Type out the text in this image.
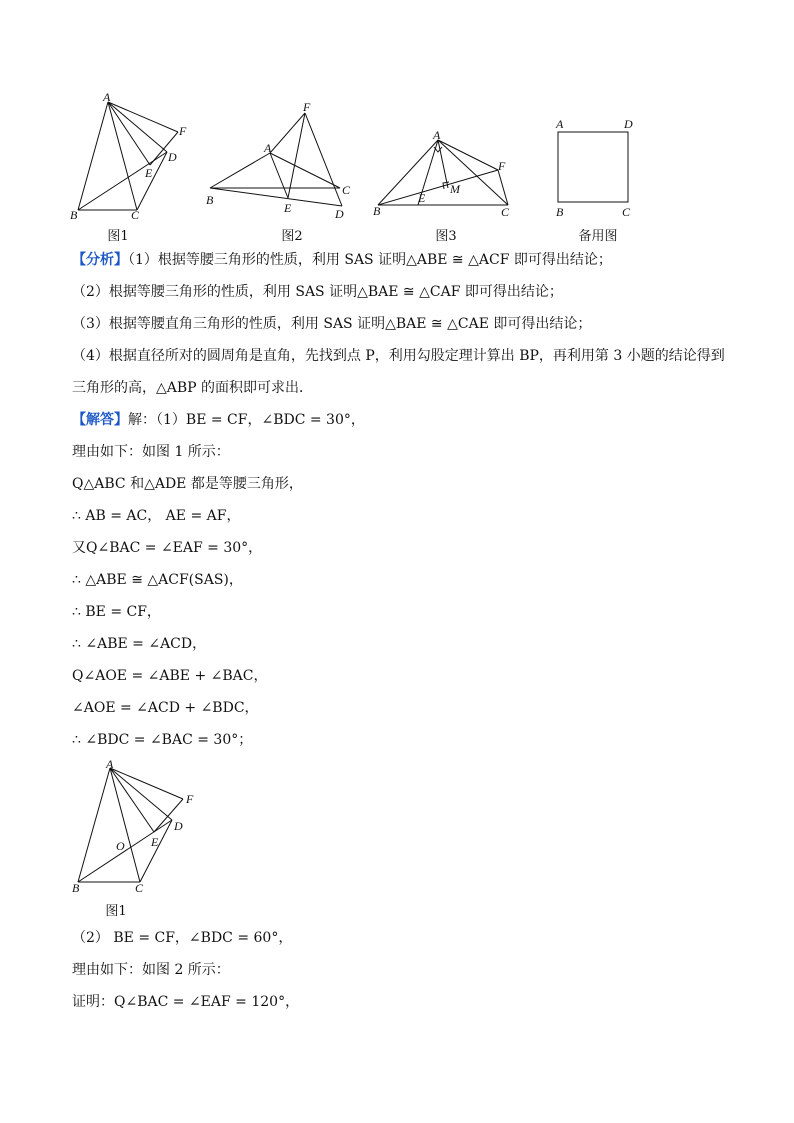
A
B	C
D
E
F
图1
A
B
C
D
E
F
图2
A
B	C
E
F
M
图3
A	D
B	C
备用图
【分析】（1）根据等腰三角形的性质，利用 SAS 证明△ABE ≅ △ACF 即可得出结论；
（2）根据等腰三角形的性质，利用 SAS 证明△BAE ≅ △CAF 即可得出结论；
（3）根据等腰直角三角形的性质，利用 SAS 证明△BAE ≅ △CAE 即可得出结论；
（4）根据直径所对的圆周角是直角，先找到点 P，利用勾股定理计算出 BP，再利用第 3 小题的结论得到
三角形的高，△ABP 的面积即可求出．
【解答】解：（1）BE = CF，∠BDC = 30°，
理由如下：如图 1 所示：
Q△ABC 和△ADE 都是等腰三角形，
∴ AB = AC， AE = AF，
又Q∠BAC = ∠EAF = 30°，
∴ △ABE ≅ △ACF(SAS)，
∴ BE = CF，
∴ ∠ABE = ∠ACD，
Q∠AOE = ∠ABE + ∠BAC，
∠AOE = ∠ACD + ∠BDC，
∴ ∠BDC = ∠BAC = 30°；
A
B	C
D
E
F
O
图1
（2） BE = CF，∠BDC = 60°，
理由如下：如图 2 所示：
证明：Q∠BAC = ∠EAF = 120°，
